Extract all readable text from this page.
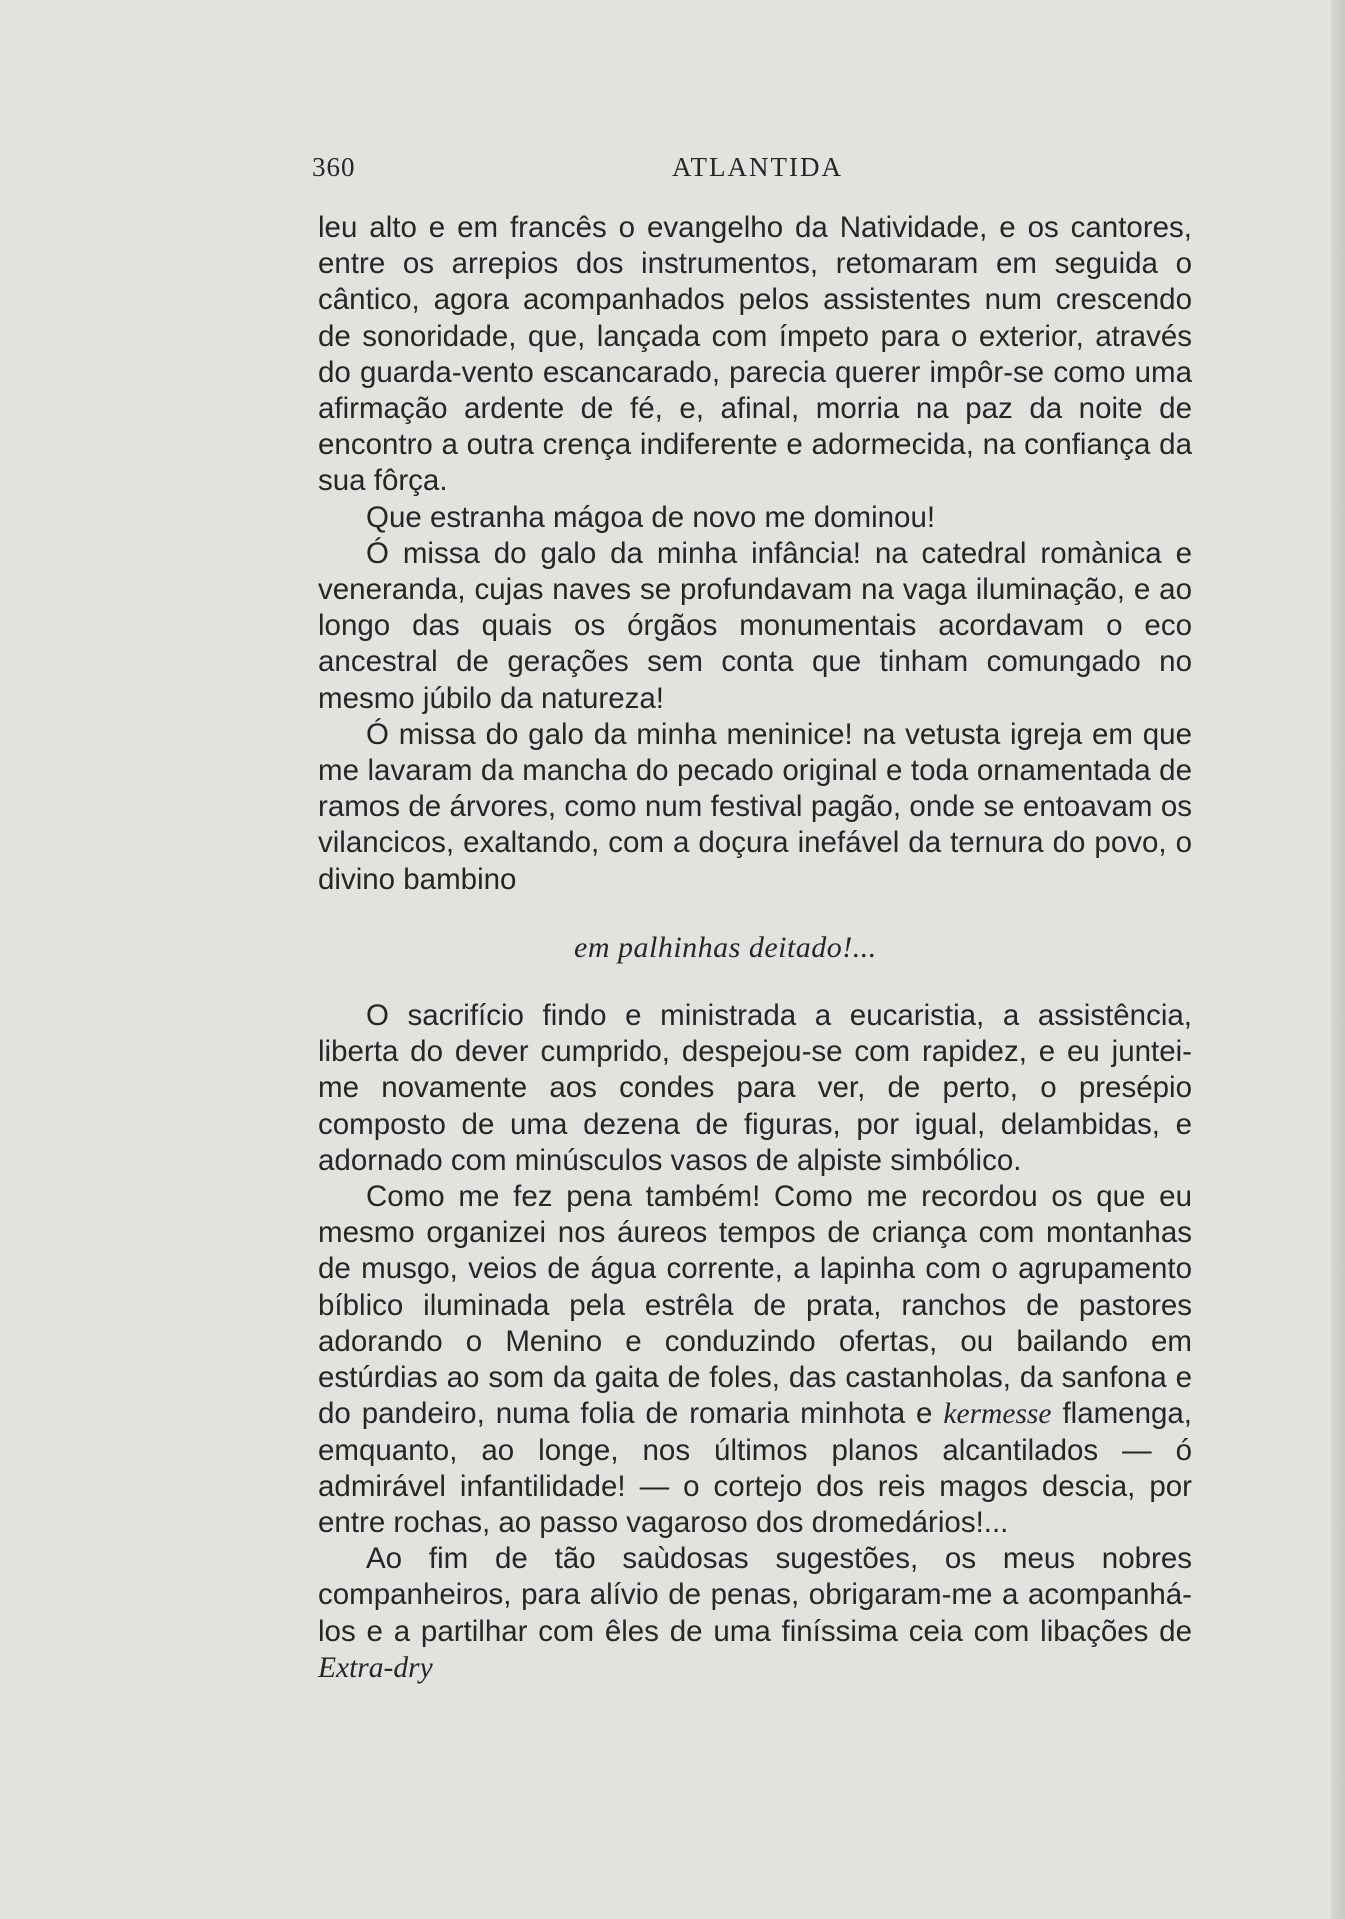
360	ATLANTIDA

leu alto e em francês o evangelho da Natividade, e os cantores, entre os arrepios dos instrumentos, retomaram em seguida o cântico, agora acompanhados pelos assistentes num crescendo de sonoridade, que, lançada com ímpeto para o exterior, através do guarda-vento escancarado, parecia querer impôr-se como uma afirmação ardente de fé, e, afinal, morria na paz da noite de encontro a outra crença indiferente e adormecida, na confiança da sua fôrça.

Que estranha mágoa de novo me dominou!

Ó missa do galo da minha infância! na catedral romànica e veneranda, cujas naves se profundavam na vaga iluminação, e ao longo das quais os órgãos monumentais acordavam o eco ancestral de gerações sem conta que tinham comungado no mesmo júbilo da natureza!

Ó missa do galo da minha meninice! na vetusta igreja em que me lavaram da mancha do pecado original e toda ornamentada de ramos de árvores, como num festival pagão, onde se entoavam os vilancicos, exaltando, com a doçura inefável da ternura do povo, o divino bambino

em palhinhas deitado!...

O sacrifício findo e ministrada a eucaristia, a assistência, liberta do dever cumprido, despejou-se com rapidez, e eu juntei-me novamente aos condes para ver, de perto, o presépio composto de uma dezena de figuras, por igual, delambidas, e adornado com minúsculos vasos de alpiste simbólico.

Como me fez pena também! Como me recordou os que eu mesmo organizei nos áureos tempos de criança com montanhas de musgo, veios de água corrente, a lapinha com o agrupamento bíblico iluminada pela estrêla de prata, ranchos de pastores adorando o Menino e conduzindo ofertas, ou bailando em estúrdias ao som da gaita de foles, das castanholas, da sanfona e do pandeiro, numa folia de romaria minhota e kermesse flamenga, emquanto, ao longe, nos últimos planos alcantilados — ó admirável infantilidade! — o cortejo dos reis magos descia, por entre rochas, ao passo vagaroso dos dromedários!...

Ao fim de tão saùdosas sugestões, os meus nobres companheiros, para alívio de penas, obrigaram-me a acompanhá-los e a partilhar com êles de uma finíssima ceia com libações de Extra-dry
